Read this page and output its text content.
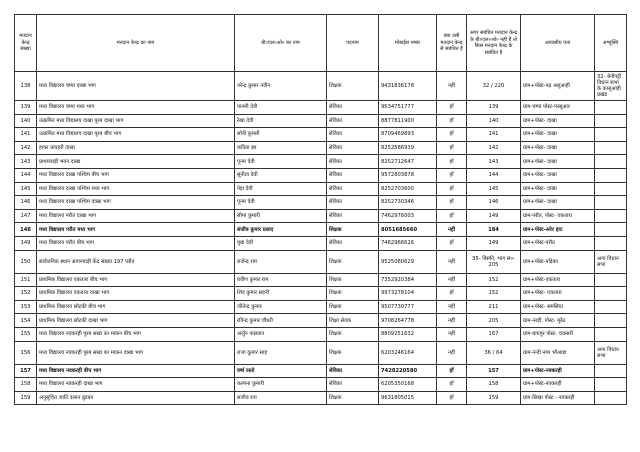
मतदान केन्द्र संख्या	मतदान केन्द्र का नाम	बी०एल०ओ० का नाम	पदनाम	मोबाईल नम्बर	क्या उसी मतदान केन्द्र से संबंधित है	अगर संबंधित मतदान केन्द्र के बी०एल०ओ० नहीं हैं तो किस मतदान केन्द्र के संबंधित है	आवासीय पता	अभ्युक्ति
138	मध्य विद्यालय चम्पा दाखा भाग	नरेन्द्र कुमार नवीन	शिक्षक	9431836178	नहीं	32 / 220	ग्राम+पोस्ट-गढ़ अलुआही	32- बेनीपट्टी विधान सभा के कालुआही प्रखंड
139	मध्य विद्यालय चम्पा मध्य भाग	पानमी देवी	सेविका	9534751777	हाँ	139	ग्राम-चम्पा पोस्ट-परसूआर	
140	उत्क्रमित मध्य विद्यालय दाखा पूरब दाखा भाग	रेखा देवी	सेविका	8877811900	हाँ	140	ग्राम+पोस्ट- दाखा	
141	उत्क्रमित मध्य विद्यालय दाखा पूरब बीच भाग	सोनी कुमारी	सेविका	8709469893	हाँ	141	ग्राम+पोस्ट- दाखा	
142	हाका कचहरी दाखा	कविता झा	सेविका	8252586939	हाँ	142	ग्राम+पोस्ट- दाखा	
143	प्राथमवाड़ी भवन दाखा	पूनम देवी	सेविका	8252712647	हाँ	143	ग्राम+पोस्ट- दाखा	
144	मध्य विद्यालय दाखा पश्चिम बीच भाग	सुनीता देवी	सेविका	9572803878	हाँ	144	ग्राम+पोस्ट- दाखा	
145	मध्य विद्यालय दाखा पश्चिम मध्य भाग	नेहा देवी	सेविका	8252703600	हाँ	145	ग्राम+पोस्ट- दाखा	
146	मध्य विद्यालय दाखा पश्चिम दाखा भाग	पूनम देवी	सेविका	8252730346	हाँ	146	ग्राम+पोस्ट- दाखा	
147	मध्य विद्यालय परौत दाखा भाग	सीमा कुमारी	सेविका	7462976003	हाँ	149	ग्राम-परौत, पोस्ट- एकतारा	
148	मध्य विद्यालय परौत मध्य भाग	संजीव कुमार प्रसाद	शिक्षक	8051685660	नहीं	184	ग्राम+पोस्ट-अरेर हाट	
149	मध्य विद्यालय परौत बीच भाग	मुन्ना देवी	सेविका	7462966626	हाँ	149	ग्राम+पोस्ट-परौत	
150	सार्वजनिक स्थान आगनवाड़ी केंद्र संख्या 197 परौत	राजेन्द्र राम	शिक्षक	9525080629	नहीं	35- बिस्फी, भाग सं०- 205	ग्राम+पोस्ट-पड़िका	अन्य विधान सभा
151	प्राथमिक विद्यालय एकतारा बीच भाग	प्रवीण कुमार राम	शिक्षक	7352920384	नहीं	152	ग्राम+पोस्ट-एकतारा	
152	प्राथमिक विद्यालय एकतारा दाखा भाग	शिव कुमार सहनी	शिक्षक	9973278104	हाँ	152	ग्राम+पोस्ट- एकतारा	
153	प्राथमिक विद्यालय छोटकी बीच भाग	जीतेन्द्र कुमार	शिक्षक	9507730777	नहीं	211	ग्राम+पोस्ट- समसिया	
154	प्राथमिक विद्यालय छोटकी दाखा भाग	रविन्द्र कुमार चौधरी	शिक्षा सेवक	9708264778	नहीं	205	ग्राम-नरही, पोस्ट- मुरेठ	
155	मध्य विद्यालय नवकरही पूरब सखा का माकन बीच भाग	अर्जुन पासवान	शिक्षक	8809251632	नहीं	167	ग्राम-बाघपुर पोस्ट- चकसरी	
156	मध्य विद्यालय नवकरही पूरब सखा का माकन दाखा भाग	राजा कुमार साह	शिक्षक	6203246164	नहीं	36 / 64	ग्राम-नन्दी नगर भौआडा	अन्य विधान सभा
157	मध्य विद्यालय नवकरही बीच भाग	वर्षा रस्तो	सेविका	7428220580	हाँ	157	ग्राम+पोस्ट-नवकरही	
158	मध्य विद्यालय नवकरही दाखा भाग	कल्पना कुमारी	सेविका	6205350168	हाँ	158	ग्राम+पोस्ट-नवकरही	
159	अनुसूचित जाति दलान बुटबन	सजीव राय	शिक्षक	9631805015	हाँ	159	ग्राम-छिखा पोस्ट - नवकरही	
